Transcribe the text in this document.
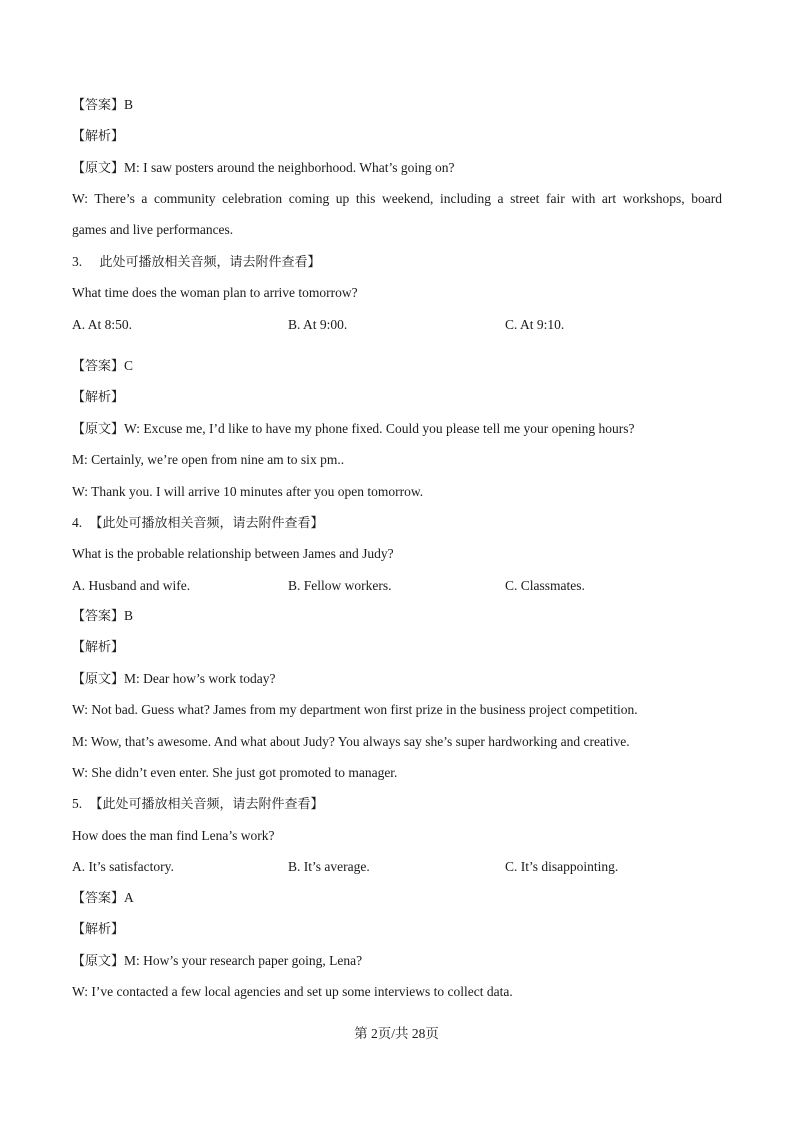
【答案】B
【解析】
【原文】M: I saw posters around the neighborhood. What’s going on?
W: There’s a community celebration coming up this weekend, including a street fair with art workshops, board
games and live performances.
3. 此处可播放相关音频，请去附件查看】
What time does the woman plan to arrive tomorrow?
A. At 8:50.	B. At 9:00.	C. At 9:10.
【答案】C
【解析】
【原文】W: Excuse me, I’d like to have my phone fixed. Could you please tell me your opening hours?
M: Certainly, we’re open from nine am to six pm..
W: Thank you. I will arrive 10 minutes after you open tomorrow.
4. 【此处可播放相关音频，请去附件查看】
What is the probable relationship between James and Judy?
A. Husband and wife.	B. Fellow workers.	C. Classmates.
【答案】B
【解析】
【原文】M: Dear how’s work today?
W: Not bad. Guess what? James from my department won first prize in the business project competition.
M: Wow, that’s awesome. And what about Judy? You always say she’s super hardworking and creative.
W: She didn’t even enter. She just got promoted to manager.
5. 【此处可播放相关音频，请去附件查看】
How does the man find Lena’s work?
A. It’s satisfactory.	B. It’s average.	C. It’s disappointing.
【答案】A
【解析】
【原文】M: How’s your research paper going, Lena?
W: I’ve contacted a few local agencies and set up some interviews to collect data.
第 2页/共 28页
